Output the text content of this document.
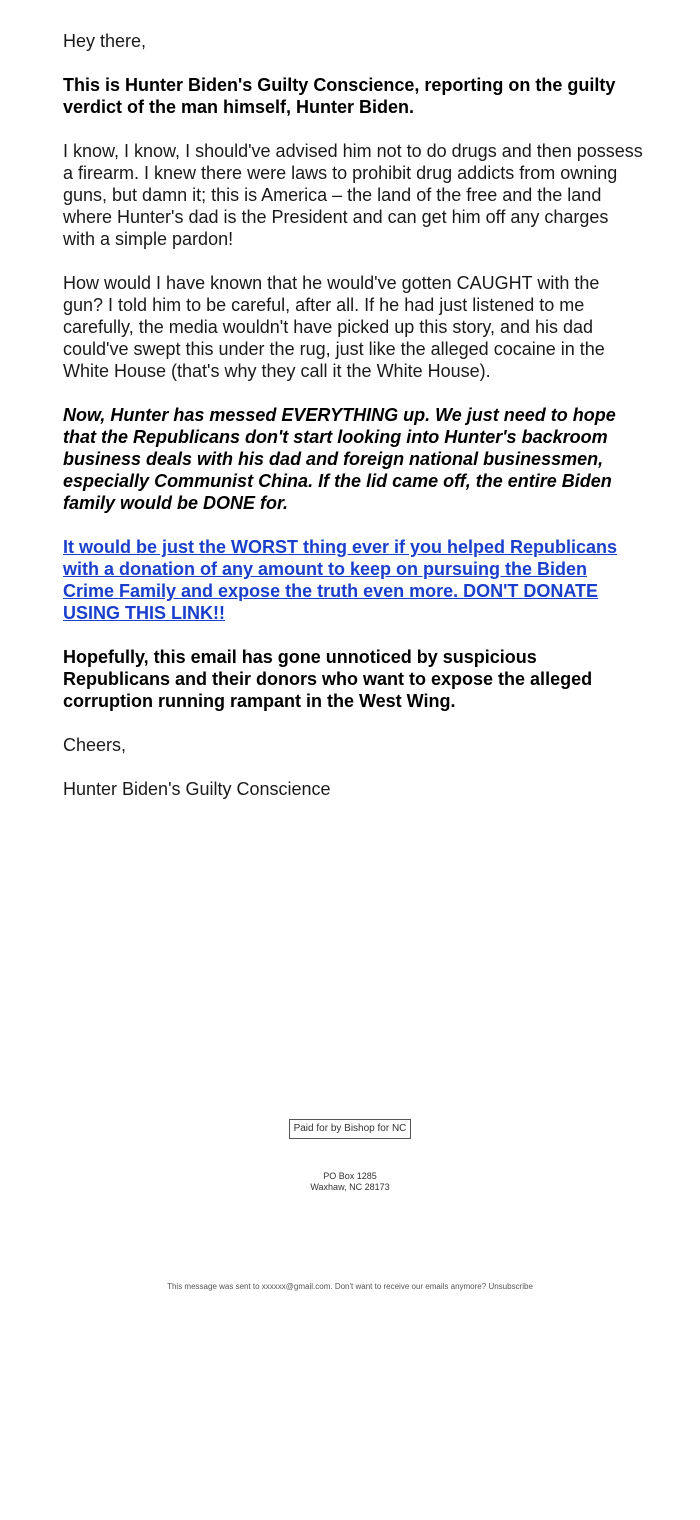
Hey there,

This is Hunter Biden's Guilty Conscience, reporting on the guilty verdict of the man himself, Hunter Biden.

I know, I know, I should've advised him not to do drugs and then possess a firearm. I knew there were laws to prohibit drug addicts from owning guns, but damn it; this is America – the land of the free and the land where Hunter's dad is the President and can get him off any charges with a simple pardon!

How would I have known that he would've gotten CAUGHT with the gun? I told him to be careful, after all. If he had just listened to me carefully, the media wouldn't have picked up this story, and his dad could've swept this under the rug, just like the alleged cocaine in the White House (that's why they call it the White House).

Now, Hunter has messed EVERYTHING up. We just need to hope that the Republicans don't start looking into Hunter's backroom business deals with his dad and foreign national businessmen, especially Communist China. If the lid came off, the entire Biden family would be DONE for.

It would be just the WORST thing ever if you helped Republicans with a donation of any amount to keep on pursuing the Biden Crime Family and expose the truth even more. DON'T DONATE USING THIS LINK!!

Hopefully, this email has gone unnoticed by suspicious Republicans and their donors who want to expose the alleged corruption running rampant in the West Wing.

Cheers,

Hunter Biden's Guilty Conscience

Paid for by Bishop for NC
PO Box 1285
Waxhaw, NC 28173
This message was sent to xxxxxx@gmail.com. Don't want to receive our emails anymore? Unsubscribe
